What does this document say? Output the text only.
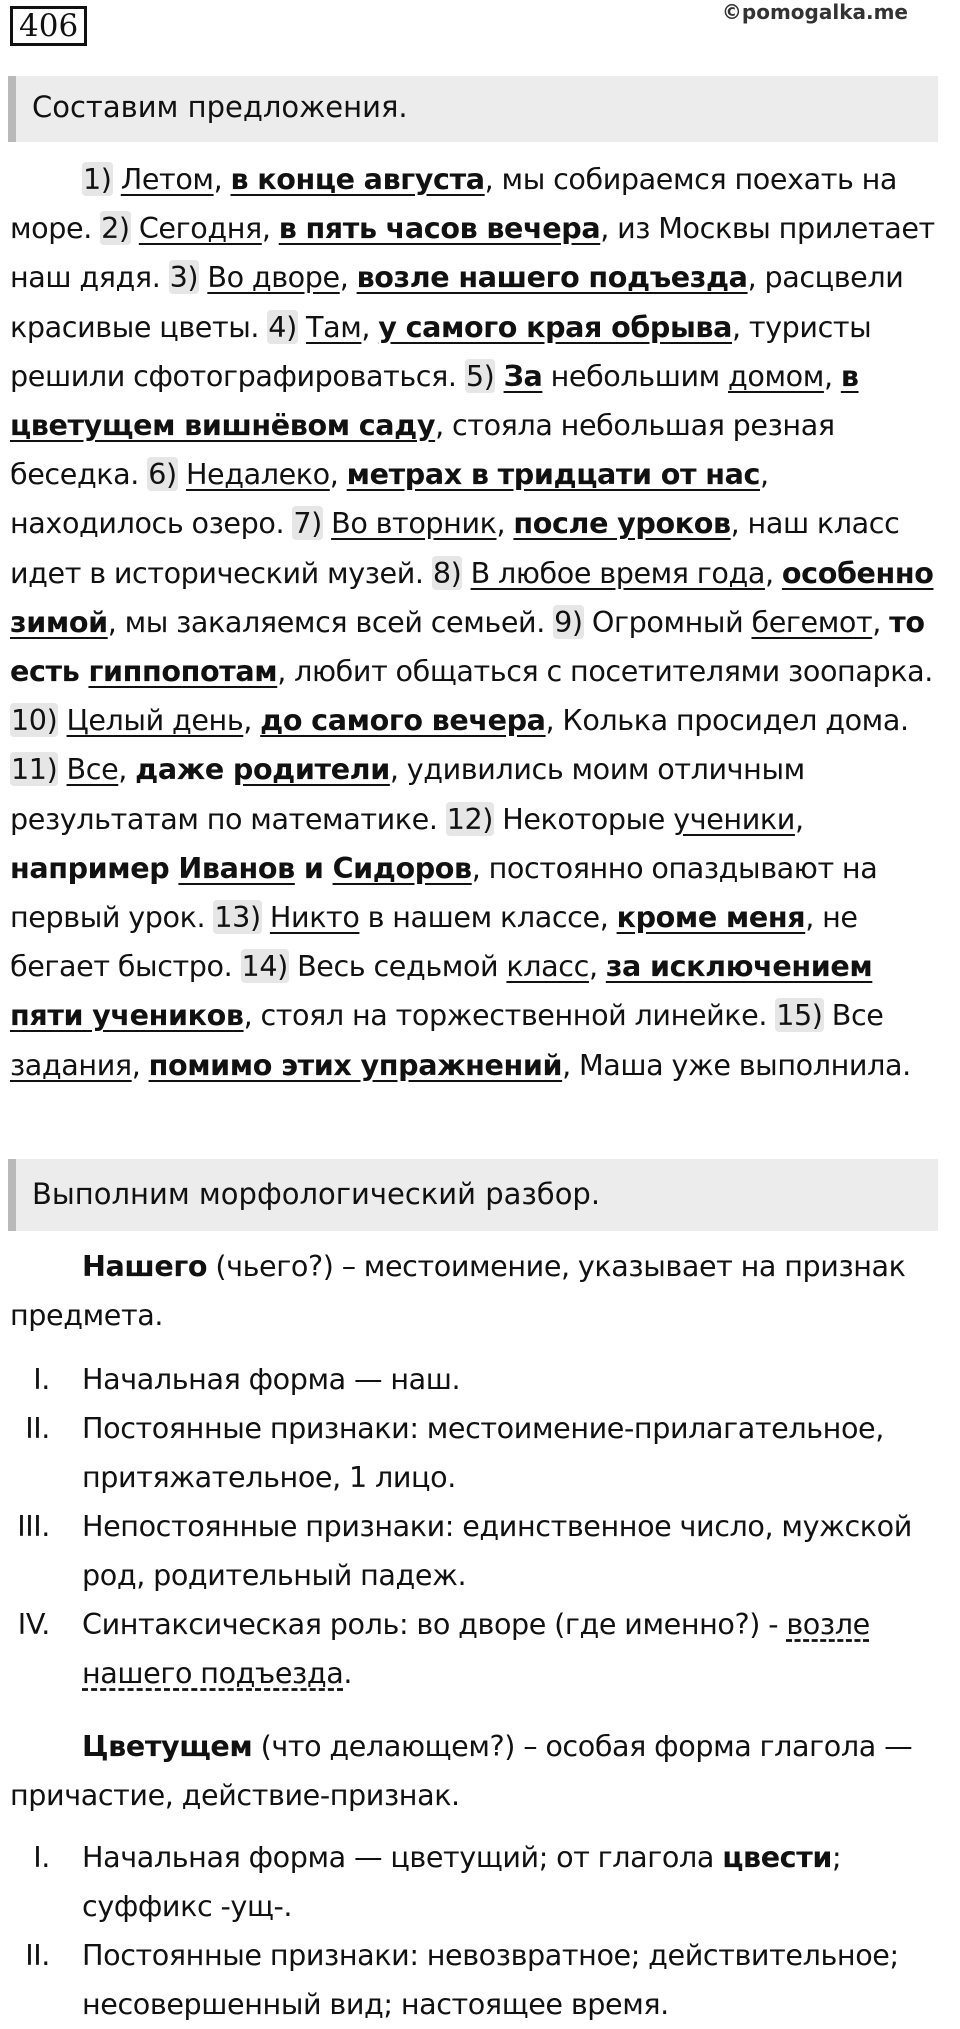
406	©pomogalka.me
Составим предложения.

1) Летом, в конце августа, мы собираемся поехать на море. 2) Сегодня, в пять часов вечера, из Москвы прилетает наш дядя. 3) Во дворе, возле нашего подъезда, расцвели красивые цветы. 4) Там, у самого края обрыва, туристы решили сфотографироваться. 5) За небольшим домом, в цветущем вишнёвом саду, стояла небольшая резная беседка. 6) Недалеко, метрах в тридцати от нас, находилось озеро. 7) Во вторник, после уроков, наш класс идет в исторический музей. 8) В любое время года, особенно зимой, мы закаляемся всей семьей. 9) Огромный бегемот, то есть гиппопотам, любит общаться с посетителями зоопарка. 10) Целый день, до самого вечера, Колька просидел дома. 11) Все, даже родители, удивились моим отличным результатам по математике. 12) Некоторые ученики, например Иванов и Сидоров, постоянно опаздывают на первый урок. 13) Никто в нашем классе, кроме меня, не бегает быстро. 14) Весь седьмой класс, за исключением пяти учеников, стоял на торжественной линейке. 15) Все задания, помимо этих упражнений, Маша уже выполнила.

Выполним морфологический разбор.

Нашего (чьего?) – местоимение, указывает на признак предмета.

I. Начальная форма — наш.
II. Постоянные признаки: местоимение-прилагательное, притяжательное, 1 лицо.
III. Непостоянные признаки: единственное число, мужской род, родительный падеж.
IV. Синтаксическая роль: во дворе (где именно?) - возле нашего подъезда.

Цветущем (что делающем?) – особая форма глагола — причастие, действие-признак.

I. Начальная форма — цветущий; от глагола цвести; суффикс -ущ-.
II. Постоянные признаки: невозвратное; действительное; несовершенный вид; настоящее время.
